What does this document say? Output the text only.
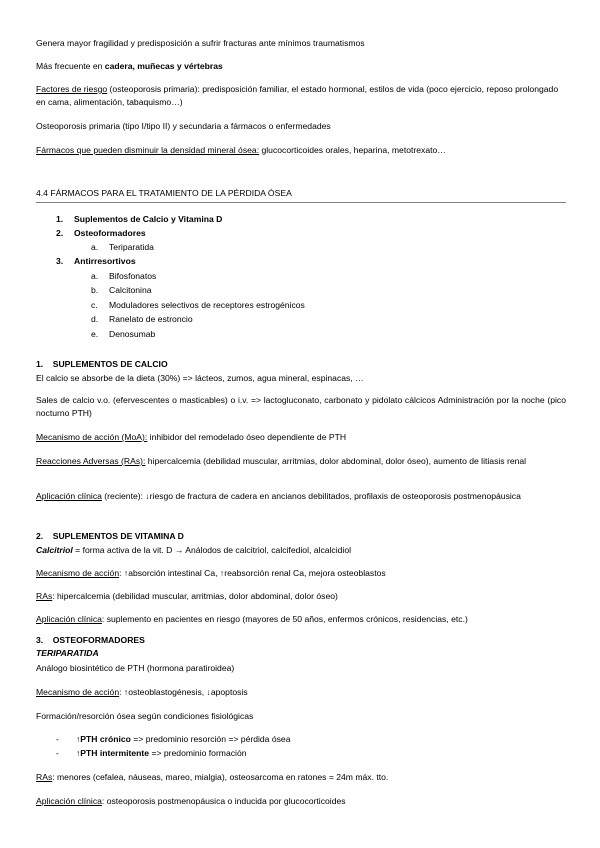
Genera mayor fragilidad y predisposición a sufrir fracturas ante mínimos traumatismos
Más frecuente en cadera, muñecas y vértebras
Factores de riesgo (osteoporosis primaria): predisposición familiar, el estado hormonal, estilos de vida (poco ejercicio, reposo prolongado en cama, alimentación, tabaquismo…)
Osteoporosis primaria (tipo I/tipo II) y secundaria a fármacos o enfermedades
Fármacos que pueden disminuir la densidad mineral ósea: glucocorticoides orales, heparina, metotrexato…
4.4 FÁRMACOS PARA EL TRATAMIENTO DE LA PÉRDIDA ÓSEA
1. Suplementos de Calcio y Vitamina D
2. Osteoformadores
a. Teriparatida
3. Antirresortivos
a. Bifosfonatos
b. Calcitonina
c. Moduladores selectivos de receptores estrogénicos
d. Ranelato de estroncio
e. Denosumab
1.    SUPLEMENTOS DE CALCIO
El calcio se absorbe de la dieta (30%) => lácteos, zumos, agua mineral, espinacas, …
Sales de calcio v.o. (efervescentes o masticables) o i.v. => lactogluconato, carbonato y pidolato cálcicos Administración por la noche (pico nocturno PTH)
Mecanismo de acción (MoA): inhibidor del remodelado óseo dependiente de PTH
Reacciones Adversas (RAs): hipercalcemia (debilidad muscular, arritmias, dolor abdominal, dolor óseo), aumento de litiasis renal
Aplicación clínica (reciente): ↓riesgo de fractura de cadera en ancianos debilitados, profilaxis de osteoporosis postmenopáusica
2.    SUPLEMENTOS DE VITAMINA D
Calcitriol = forma activa de la vit. D → Análodos de calcitriol, calcifediol, alcalcidiol
Mecanismo de acción: ↑absorción intestinal Ca, ↑reabsorción renal Ca, mejora osteoblastos
RAs: hipercalcemia (debilidad muscular, arritmias, dolor abdominal, dolor óseo)
Aplicación clínica: suplemento en pacientes en riesgo (mayores de 50 años, enfermos crónicos, residencias, etc.)
3.    OSTEOFORMADORES
TERIPARATIDA
Análogo biosintético de PTH (hormona paratiroidea)
Mecanismo de acción: ↑osteoblastogénesis, ↓apoptosis
Formación/resorción ósea según condiciones fisiológicas
- ↑PTH crónico => predominio resorción => pérdida ósea
- ↑PTH intermitente => predominio formación
RAs: menores (cefalea, náuseas, mareo, mialgia), osteosarcoma en ratones = 24m máx. tto.
Aplicación clínica: osteoporosis postmenopáusica o inducida por glucocorticoides
